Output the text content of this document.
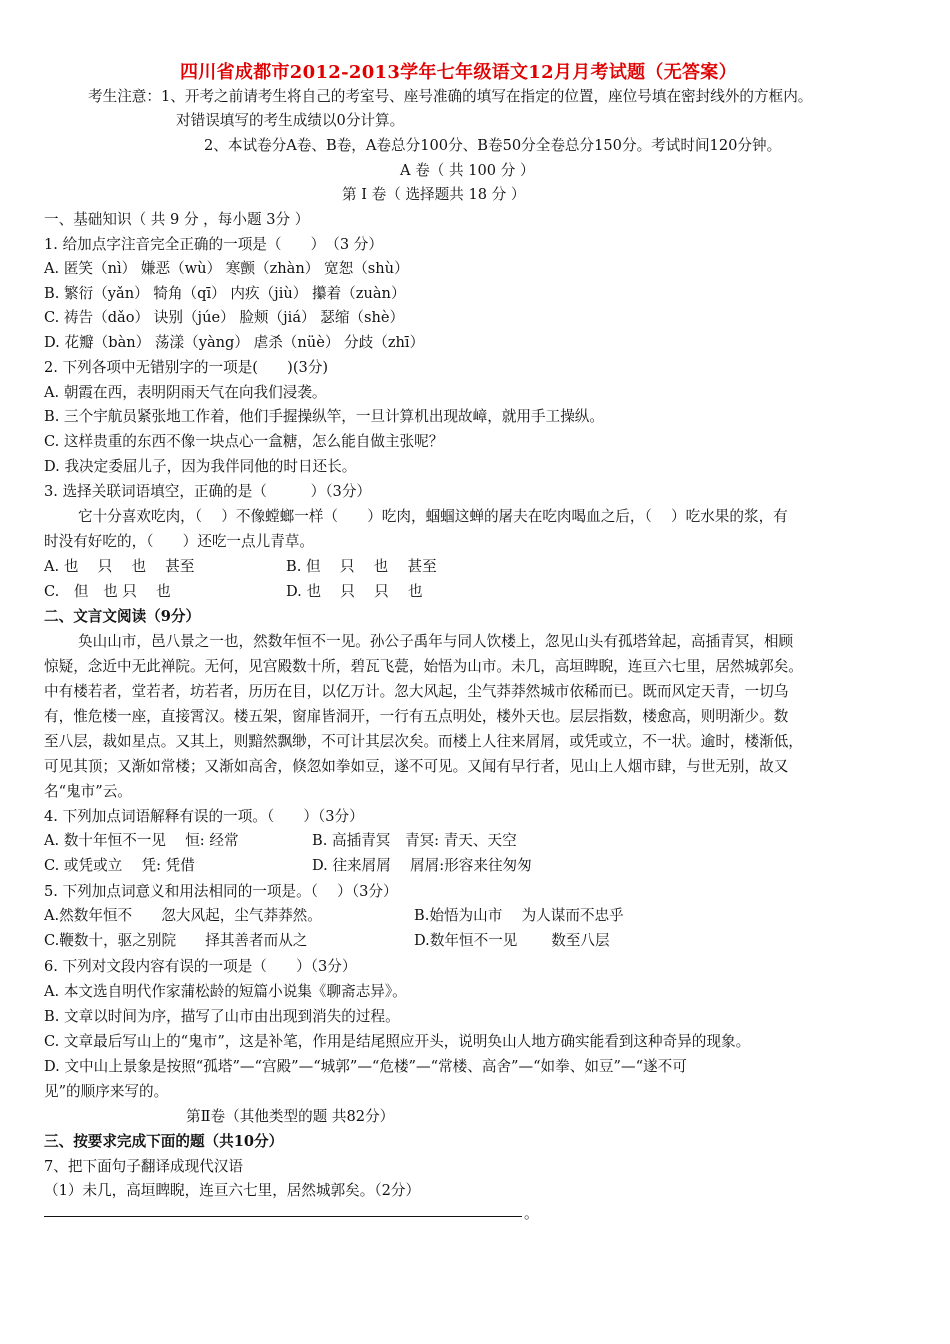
四川省成都市2012-2013学年七年级语文12月月考试题（无答案）
考生注意：1、开考之前请考生将自己的考室号、座号准确的填写在指定的位置，座位号填在密封线外的方框内。
对错误填写的考生成绩以0分计算。
2、本试卷分A卷、B卷，A卷总分100分、B卷50分全卷总分150分。考试时间120分钟。
A 卷（ 共 100 分 ）
第 I 卷（ 选择题共 18 分 ）
一、基础知识（ 共 9 分 ，每小题 3分 ）
1. 给加点字注音完全正确的一项是（　　）　（3 分）
A. 匿笑（nì） 嫌恶（wù） 寒颤（zhàn） 宽恕（shù）
B. 繁衍（yǎn） 犄角（qī） 内疚（jiù） 攥着（zuàn）
C. 祷告（dǎo） 诀别（júe） 脸颊（jiá） 瑟缩（shè）
D. 花瓣（bàn） 荡漾（yàng） 虐杀（nüè） 分歧（zhī）
2. 下列各项中无错别字的一项是(　　)(3分)
A. 朝霞在西，表明阴雨天气在向我们浸袭。
B. 三个宇航员紧张地工作着，他们手握操纵竿，一旦计算机出现故嶂，就用手工操纵。
C. 这样贵重的东西不像一块点心一盒糖，怎么能自做主张呢？
D. 我决定委屈儿子，因为我伴同他的时日还长。
3. 选择关联词语填空，正确的是（　　　）（3分）
它十分喜欢吃肉，（　 ）不像螳螂一样（　　）吃肉，蝈蝈这蝉的屠夫在吃肉喝血之后，（　 ）吃水果的浆，有
时没有好吃的，（　　）还吃一点儿青草。
A. 也　 只　 也　 甚至	B. 但　 只　 也　 甚至
C.　但　也 只　 也	D. 也　 只　 只　 也
二、文言文阅读（9分）
奂山山市，邑八景之一也，然数年恒不一见。孙公子禹年与同人饮楼上，忽见山头有孤塔耸起，高插青冥，相顾
惊疑，念近中无此禅院。无何，见宫殿数十所，碧瓦飞甍，始悟为山市。未几，高垣睥睨，连亘六七里，居然城郭矣。
中有楼若者，堂若者，坊若者，历历在目，以亿万计。忽大风起，尘气莽莽然城市依稀而已。既而风定天青，一切乌
有，惟危楼一座，直接霄汉。楼五架，窗扉皆洞开，一行有五点明处，楼外天也。层层指数，楼愈高，则明渐少。数
至八层，裁如星点。又其上，则黯然飘缈，不可计其层次矣。而楼上人往来屑屑，或凭或立，不一状。逾时，楼渐低，
可见其顶；又渐如常楼；又渐如高舍，倏忽如拳如豆，遂不可见。又闻有早行者，见山上人烟市肆，与世无别，故又
名“鬼市”云。
4. 下列加点词语解释有误的一项。（　　）（3分）
A. 数十年恒不一见　 恒: 经常	B. 高插青冥　青冥: 青天、天空
C. 或凭或立　 凭: 凭借	D. 往来屑屑　 屑屑:形容来往匆匆
5. 下列加点词意义和用法相同的一项是。（　 ）（3分）
A.然数年恒不　　忽大风起，尘气莽莽然。	B.始悟为山市　 为人谋而不忠乎
C.鞭数十，驱之别院　　择其善者而从之	D.数年恒不一见　　 数至八层
6. 下列对文段内容有误的一项是（　　）（3分）
A. 本文选自明代作家蒲松龄的短篇小说集《聊斋志异》。
B. 文章以时间为序，描写了山市由出现到消失的过程。
C. 文章最后写山上的“鬼市”，这是补笔，作用是结尾照应开头，说明奂山人地方确实能看到这种奇异的现象。
D. 文中山上景象是按照“孤塔”—“宫殿”—“城郭”—“危楼”—“常楼、高舍”—“如拳、如豆”—“遂不可
见”的顺序来写的。
第Ⅱ卷（其他类型的题 共82分）
三、按要求完成下面的题（共10分）
7、把下面句子翻译成现代汉语
（1）未几，高垣睥睨，连亘六七里，居然城郭矣。（2分）
。
